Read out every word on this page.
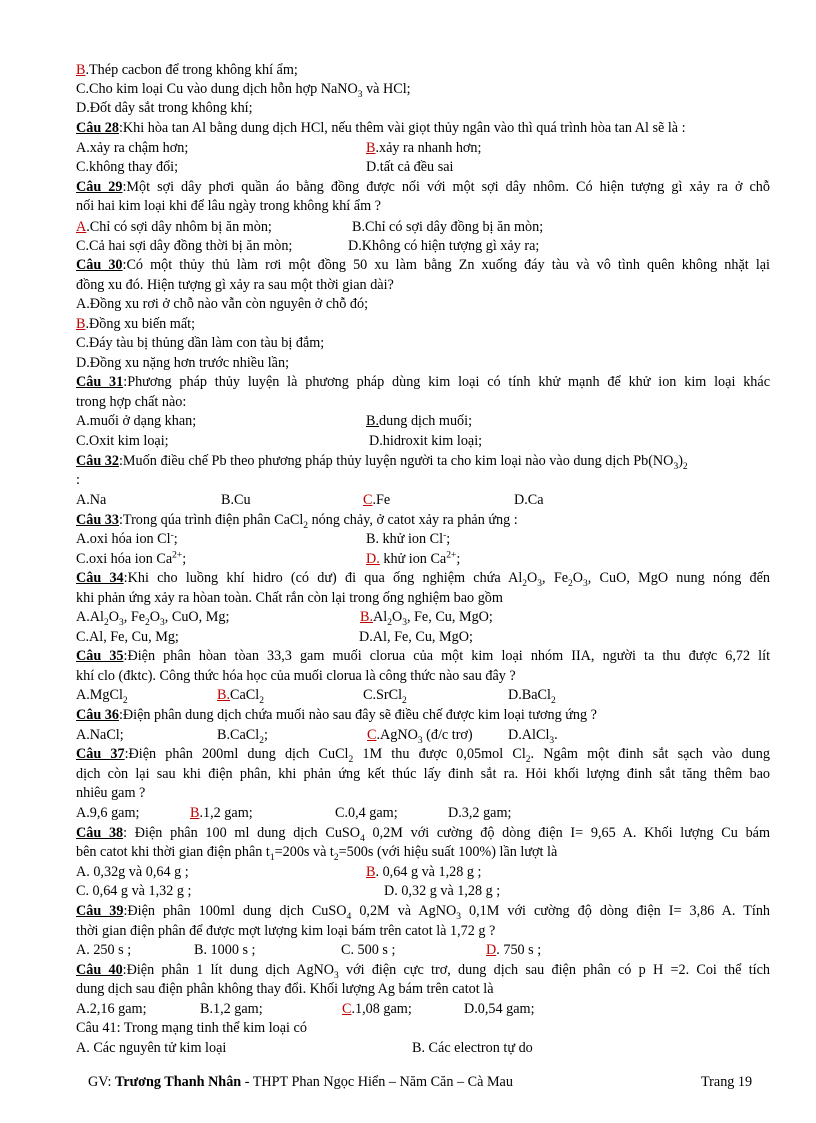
B.Thép cacbon để trong không khí ẩm;
C.Cho kim loại Cu vào dung dịch hỗn hợp NaNO$_3$ và HCl;
D.Đốt dây sắt trong không khí;
Câu 28:Khi hòa tan Al bằng dung dịch HCl, nếu thêm vài giọt thủy ngân vào thì quá trình hòa tan Al sẽ là :
A.xảy ra chậm hơn;	B.xảy ra nhanh hơn;
C.không thay đổi;	D.tất cả đều sai
Câu 29:Một sợi dây phơi quần áo bằng đồng được nối với một sợi dây nhôm. Có hiện tượng gì xảy ra ở chỗ
nối hai kim loại khi để lâu ngày trong không khí ẩm ?
A.Chỉ có sợi dây nhôm bị ăn mòn;	B.Chỉ có sợi dây đồng bị ăn mòn;
C.Cả hai sợi dây đồng thời bị ăn mòn;	D.Không có hiện tượng gì xảy ra;
Câu 30:Có một thủy thủ làm rơi một đồng 50 xu làm bằng Zn xuống đáy tàu và vô tình quên không nhặt lại
đồng xu đó. Hiện tượng gì xảy ra sau một thời gian dài?
A.Đồng xu rơi ở chỗ nào vẫn còn nguyên ở chỗ đó;
B.Đồng xu biến mất;
C.Đáy tàu bị thủng dần làm con tàu bị đắm;
D.Đồng xu nặng hơn trước nhiều lần;
Câu 31:Phương pháp thủy luyện là phương pháp dùng kim loại có tính khử mạnh để khử ion kim loại khác
trong hợp chất nào:
A.muối ở dạng khan;	B.dung dịch muối;
C.Oxit kim loại;	D.hidroxit kim loại;
Câu 32:Muốn điều chế Pb theo phương pháp thủy luyện người ta cho kim loại nào vào dung dịch $Pb(NO_3)_2$
:
A.Na	B.Cu	C.Fe	D.Ca
Câu 33:Trong qúa trình điện phân CaCl$_2$ nóng chảy, ở catot xảy ra phản ứng :
A.oxi hóa ion Cl-;	B. khử ion Cl-;
C.oxi hóa ion $Ca^{2+}$;	D. khử ion $Ca^{2+}$;
Câu 34:Khi cho luồng khí hidro (có dư) đi qua ống nghiệm chứa $Al_2O_3$, $Fe_2O_3$, CuO, MgO nung nóng đến
khi phản ứng xảy ra hòan toàn. Chất rắn còn lại trong ống nghiệm bao gồm
$A.Al_2O_3$, $Fe_2O_3$, CuO, Mg;	$B.Al_2O_3$, Fe, Cu, MgO;
C.Al, Fe, Cu, Mg;	D.Al, Fe, Cu, MgO;
Câu 35:Điện phân hòan tòan 33,3 gam muối clorua của một kim loại nhóm IIA, người ta thu được 6,72 lít
khí clo (đktc). Công thức hóa học của muối clorua là công thức nào sau đây ?
A.MgCl$_2$	B.CaCl$_2$	C.SrCl$_2$	D.BaCl$_2$
Câu 36:Điện phân dung dịch chứa muối nào sau đây sẽ điều chế được kim loại tương ứng ?
A.NaCl;	B.CaCl$_2$;	C.AgNO$_3$ (đ/c trơ) D.AlCl$_3$.
Câu 37:Điện phân 200ml dung dịch CuCl$_2$ 1M thu được 0,05mol $Cl_2$. Ngâm một đinh sắt sạch vào dung
dịch còn lại sau khi điện phân, khi phản ứng kết thúc lấy đinh sắt ra. Hỏi khối lượng đinh sắt tăng thêm bao
nhiêu gam ?
A.9,6 gam;	B.1,2 gam;	C.0,4 gam;	D.3,2 gam;
Câu 38: Điện phân 100 ml dung dịch CuSO$_4$ 0,2M với cường độ dòng điện I= 9,65 A. Khối lượng Cu bám
bên catot khi thời gian điện phân $t_1=200s$ và $t_2=500s$ (với hiệu suất 100%) lần lượt là
A. 0,32g và 0,64 g ;	B. 0,64 g và 1,28 g ;
C. 0,64 g và 1,32 g ;	D. 0,32 g và 1,28 g ;
Câu 39:Điện phân 100ml dung dịch CuSO$_4$ 0,2M và AgNO$_3$ 0,1M với cường độ dòng điện I= 3,86 A. Tính
thời gian điện phân để được mợt lượng kim loại bám trên catot là 1,72 g ?
A. 250 s ;	B. 1000 s ;	C. 500 s ;	D. 750 s ;
Câu 40:Điện phân 1 lít dung dịch AgNO$_3$ với điện cực trơ, dung dịch sau điện phân có p H =2. Coi thể tích
dung dịch sau điện phân không thay đổi. Khối lượng Ag bám trên catot là
A.2,16 gam;	B.1,2 gam;	C.1,08 gam;	D.0,54 gam;
Câu 41: Trong mạng tinh thể kim loại có
A. Các nguyên tử kim loại	B. Các electron tự do
GV: Trương Thanh Nhân - THPT Phan Ngọc Hiển – Năm Căn – Cà Mau	Trang 19
